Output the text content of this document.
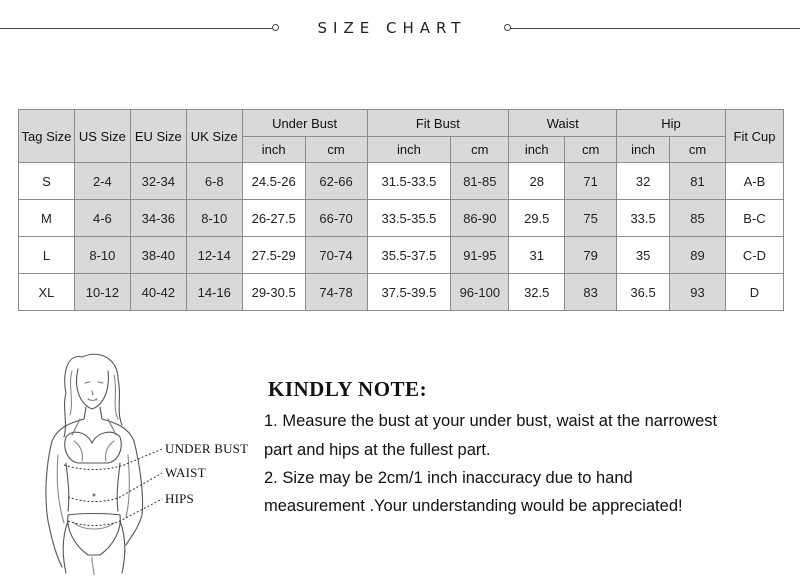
SIZE CHART
Tag Size	US Size	EU Size	UK Size	Under Bust		Fit Bust		Waist		Hip		Fit Cup
				inch	cm	inch	cm	inch	cm	inch	cm	
S	2-4	32-34	6-8	24.5-26	62-66	31.5-33.5	81-85	28	71	32	81	A-B
M	4-6	34-36	8-10	26-27.5	66-70	33.5-35.5	86-90	29.5	75	33.5	85	B-C
L	8-10	38-40	12-14	27.5-29	70-74	35.5-37.5	91-95	31	79	35	89	C-D
XL	10-12	40-42	14-16	29-30.5	74-78	37.5-39.5	96-100	32.5	83	36.5	93	D
UNDER BUST
WAIST
HIPS
KINDLY NOTE:
1. Measure the bust at your under bust, waist at the narrowest
part and hips at the fullest part.
2. Size may be 2cm/1 inch inaccuracy due to hand
measurement .Your understanding would be appreciated!
